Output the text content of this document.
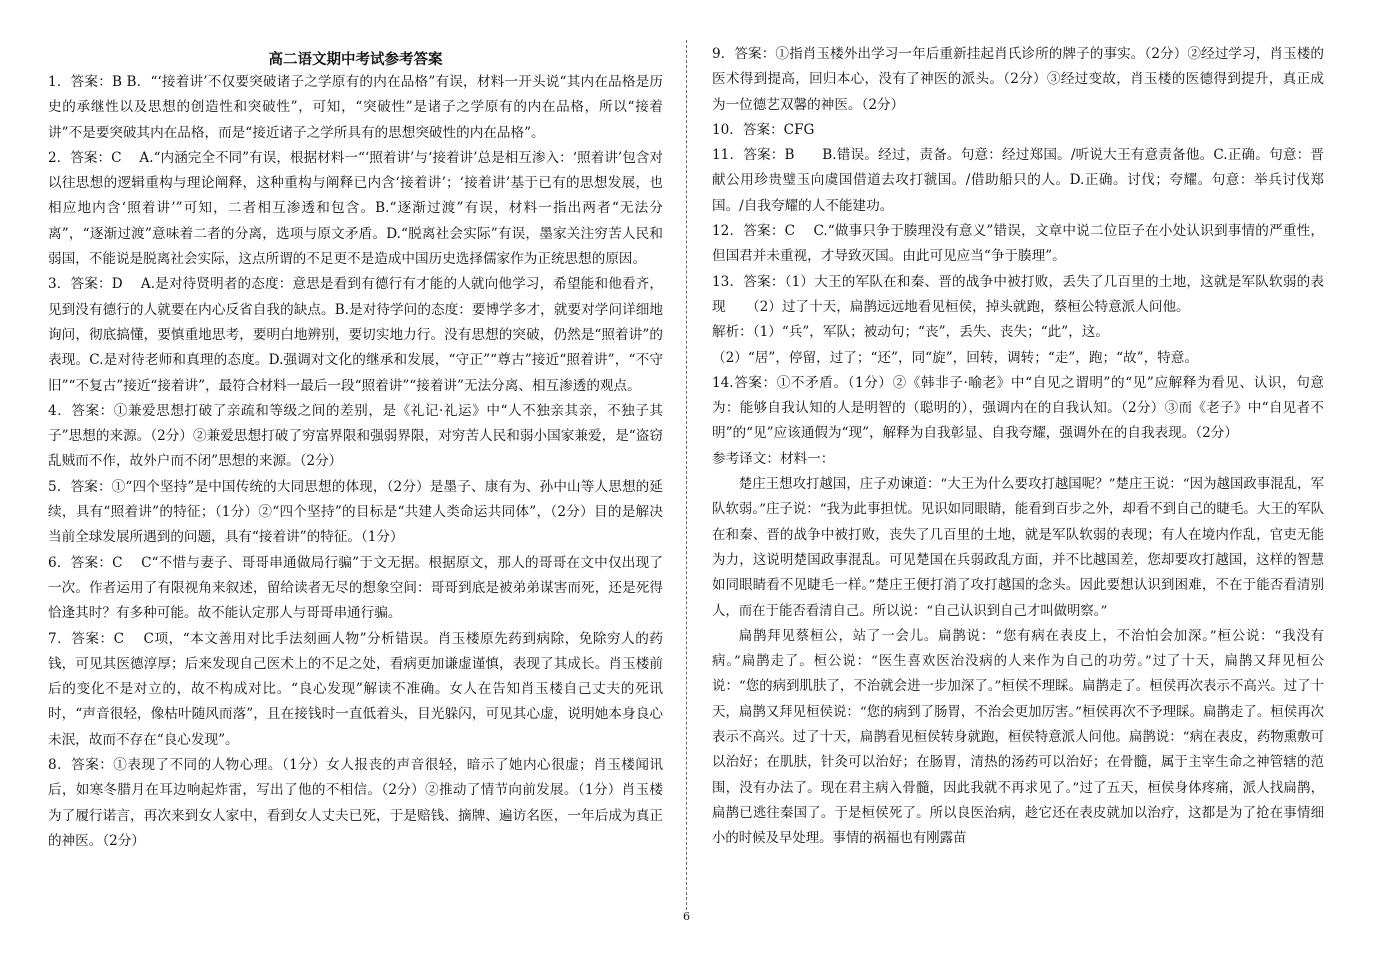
高二语文期中考试参考答案

1．答案：B B．“‘接着讲’不仅要突破诸子之学原有的内在品格”有误，材料一开头说“其内在品格是历史的承继性以及思想的创造性和突破性”，可知，“突破性”是诸子之学原有的内在品格，所以“接着讲”不是要突破其内在品格，而是“接近诸子之学所具有的思想突破性的内在品格”。

2．答案：C　 A.“内涵完全不同”有误，根据材料一“‘照着讲’与‘接着讲’总是相互渗入：‘照着讲’包含对以往思想的逻辑重构与理论阐释，这种重构与阐释已内含‘接着讲’；‘接着讲’基于已有的思想发展，也相应地内含‘照着讲’”可知，二者相互渗透和包含。B.“逐渐过渡”有误，材料一指出两者“无法分离”，“逐渐过渡”意味着二者的分离，选项与原文矛盾。D.“脱离社会实际”有误，墨家关注穷苦人民和弱国，不能说是脱离社会实际，这点所谓的不足更不是造成中国历史选择儒家作为正统思想的原因。

3．答案：D　 A.是对待贤明者的态度：意思是看到有德行有才能的人就向他学习，希望能和他看齐，见到没有德行的人就要在内心反省自我的缺点。B.是对待学问的态度：要博学多才，就要对学问详细地询问，彻底搞懂，要慎重地思考，要明白地辨别，要切实地力行。没有思想的突破，仍然是“照着讲”的表现。C.是对待老师和真理的态度。D.强调对文化的继承和发展，“守正”“尊古”接近“照着讲”，“不守旧”“不复古”接近“接着讲”，最符合材料一最后一段“照着讲”“接着讲”无法分离、相互渗透的观点。

4．答案：①兼爱思想打破了亲疏和等级之间的差别，是《礼记·礼运》中“人不独亲其亲，不独子其子”思想的来源。（2分）②兼爱思想打破了穷富界限和强弱界限，对穷苦人民和弱小国家兼爱，是“盗窃乱贼而不作，故外户而不闭”思想的来源。（2分）

5．答案：①“四个坚持”是中国传统的大同思想的体现，（2分）是墨子、康有为、孙中山等人思想的延续，具有“照着讲”的特征；（1分）②“四个坚持”的目标是“共建人类命运共同体”，（2分）目的是解决当前全球发展所遇到的问题，具有“接着讲”的特征。（1分）

6．答案：C　 C“不惜与妻子、哥哥串通做局行骗”于文无据。根据原文，那人的哥哥在文中仅出现了一次。作者运用了有限视角来叙述，留给读者无尽的想象空间：哥哥到底是被弟弟谋害而死，还是死得恰逢其时？有多种可能。故不能认定那人与哥哥串通行骗。

7．答案：C　 C项，“本文善用对比手法刻画人物”分析错误。肖玉楼原先药到病除，免除穷人的药钱，可见其医德淳厚；后来发现自己医术上的不足之处，看病更加谦虚谨慎，表现了其成长。肖玉楼前后的变化不是对立的，故不构成对比。“良心发现”解读不准确。女人在告知肖玉楼自己丈夫的死讯时，“声音很轻，像枯叶随风而落”，且在接钱时一直低着头，目光躲闪，可见其心虚，说明她本身良心未泯，故而不存在“良心发现”。

8．答案：①表现了不同的人物心理。（1分）女人报丧的声音很轻，暗示了她内心很虚；肖玉楼闻讯后，如寒冬腊月在耳边响起炸雷，写出了他的不相信。（2分）②推动了情节向前发展。（1分）肖玉楼为了履行诺言，再次来到女人家中，看到女人丈夫已死，于是赔钱、摘牌、遍访名医，一年后成为真正的神医。（2分）

9．答案：①指肖玉楼外出学习一年后重新挂起肖氏诊所的牌子的事实。（2分）②经过学习，肖玉楼的医术得到提高，回归本心，没有了神医的派头。（2分）③经过变故，肖玉楼的医德得到提升，真正成为一位德艺双馨的神医。（2分）

10．答案：CFG

11．答案：B　　B.错误。经过，责备。句意：经过郑国。/听说大王有意责备他。C.正确。句意：晋献公用珍贵璧玉向虞国借道去攻打虢国。/借助船只的人。D.正确。讨伐；夸耀。句意：举兵讨伐郑国。/自我夸耀的人不能建功。

12．答案：C　 C.“做事只争于腠理没有意义”错误，文章中说二位臣子在小处认识到事情的严重性，但国君并未重视，才导致灭国。由此可见应当“争于腠理”。

13．答案：（1）大王的军队在和秦、晋的战争中被打败，丢失了几百里的土地，这就是军队软弱的表现　　（2）过了十天，扁鹊远远地看见桓侯，掉头就跑，蔡桓公特意派人问他。

解析：（1）“兵”，军队；被动句；“丧”，丢失、丧失；“此”，这。

（2）“居”，停留，过了；“还”，同“旋”，回转，调转；“走”，跑；“故”，特意。

14.答案：①不矛盾。（1分）②《韩非子·喻老》中“自见之谓明”的“见”应解释为看见、认识，句意为：能够自我认知的人是明智的（聪明的），强调内在的自我认知。（2分）③而《老子》中“自见者不明”的“见”应该通假为“现”，解释为自我彰显、自我夸耀，强调外在的自我表现。（2分）

参考译文：材料一：

楚庄王想攻打越国，庄子劝谏道：“大王为什么要攻打越国呢？”楚庄王说：“因为越国政事混乱，军队软弱。”庄子说：“我为此事担忧。见识如同眼睛，能看到百步之外，却看不到自己的睫毛。大王的军队在和秦、晋的战争中被打败，丧失了几百里的土地，就是军队软弱的表现；有人在境内作乱，官吏无能为力，这说明楚国政事混乱。可见楚国在兵弱政乱方面，并不比越国差，您却要攻打越国，这样的智慧如同眼睛看不见睫毛一样。”楚庄王便打消了攻打越国的念头。因此要想认识到困难，不在于能否看清别人，而在于能否看清自己。所以说：“自己认识到自己才叫做明察。”

扁鹊拜见蔡桓公，站了一会儿。扁鹊说：“您有病在表皮上，不治怕会加深。”桓公说：“我没有病。”扁鹊走了。桓公说：“医生喜欢医治没病的人来作为自己的功劳。”过了十天，扁鹊又拜见桓公说：“您的病到肌肤了，不治就会进一步加深了。”桓侯不理睬。扁鹊走了。桓侯再次表示不高兴。过了十天，扁鹊又拜见桓侯说：“您的病到了肠胃，不治会更加厉害。”桓侯再次不予理睬。扁鹊走了。桓侯再次表示不高兴。过了十天，扁鹊看见桓侯转身就跑，桓侯特意派人问他。扁鹊说：“病在表皮，药物熏敷可以治好；在肌肤，针灸可以治好；在肠胃，清热的汤药可以治好；在骨髓，属于主宰生命之神管辖的范围，没有办法了。现在君主病入骨髓，因此我就不再求见了。”过了五天，桓侯身体疼痛，派人找扁鹊，扁鹊已逃往秦国了。于是桓侯死了。所以良医治病，趁它还在表皮就加以治疗，这都是为了抢在事情细小的时候及早处理。事情的祸福也有刚露苗

6
